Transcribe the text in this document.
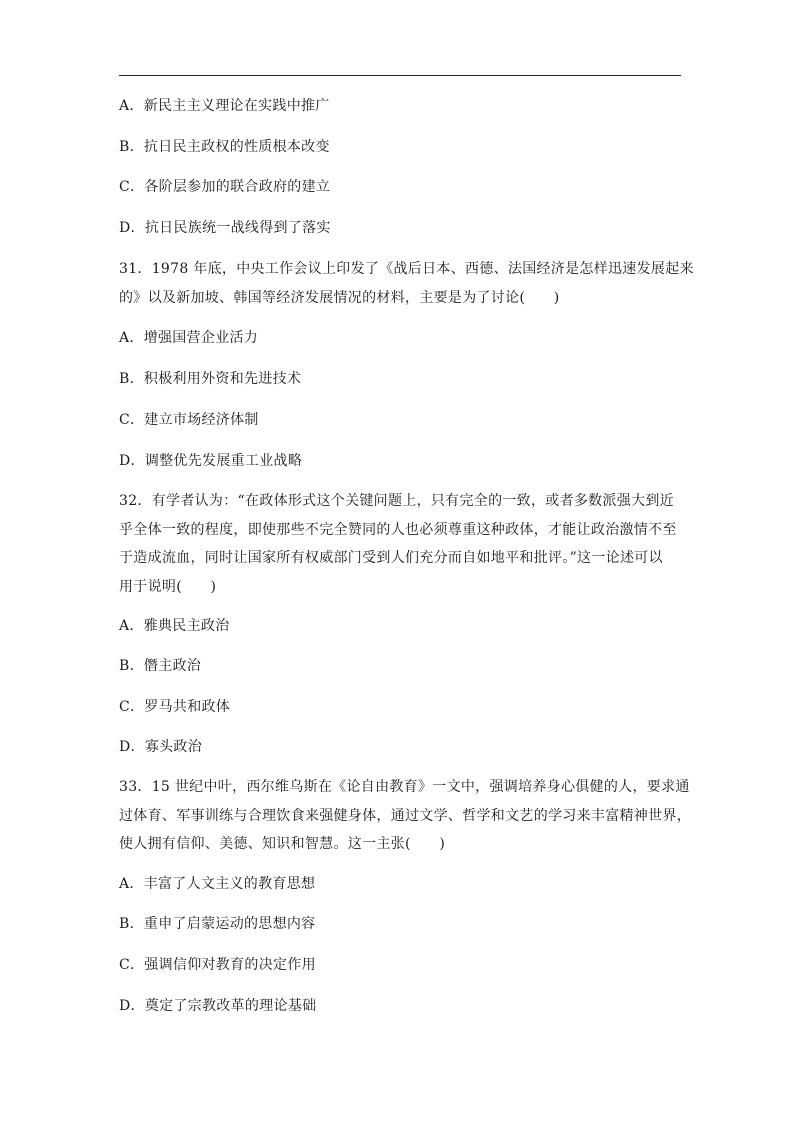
A．新民主主义理论在实践中推广
B．抗日民主政权的性质根本改变
C．各阶层参加的联合政府的建立
D．抗日民族统一战线得到了落实
31．1978 年底，中央工作会议上印发了《战后日本、西德、法国经济是怎样迅速发展起来
的》以及新加坡、韩国等经济发展情况的材料，主要是为了讨论(　　)
A．增强国营企业活力
B．积极利用外资和先进技术
C．建立市场经济体制
D．调整优先发展重工业战略
32．有学者认为：“在政体形式这个关键问题上，只有完全的一致，或者多数派强大到近
乎全体一致的程度，即使那些不完全赞同的人也必须尊重这种政体，才能让政治激情不至
于造成流血，同时让国家所有权威部门受到人们充分而自如地平和批评。”这一论述可以
用于说明(　　)
A．雅典民主政治
B．僭主政治
C．罗马共和政体
D．寡头政治
33．15 世纪中叶，西尔维乌斯在《论自由教育》一文中，强调培养身心俱健的人，要求通
过体育、军事训练与合理饮食来强健身体，通过文学、哲学和文艺的学习来丰富精神世界，
使人拥有信仰、美德、知识和智慧。这一主张(　　)
A．丰富了人文主义的教育思想
B．重申了启蒙运动的思想内容
C．强调信仰对教育的决定作用
D．奠定了宗教改革的理论基础
